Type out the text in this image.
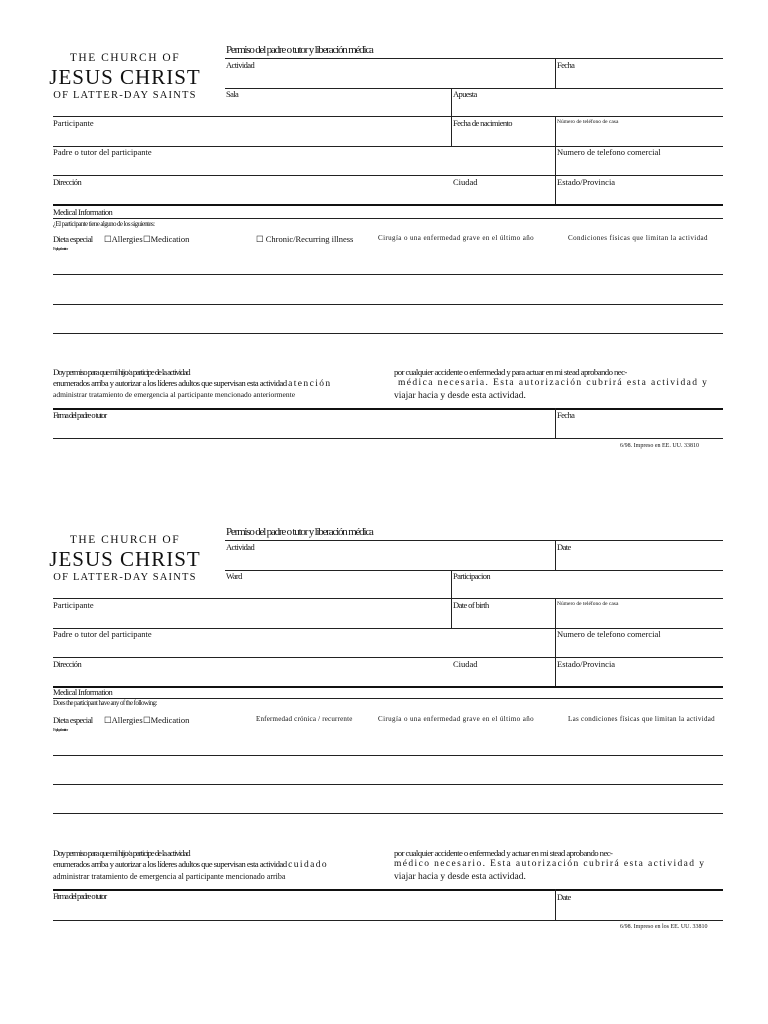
THE CHURCH OF
JESUS CHRIST
OF LATTER-DAY SAINTS
Permiso del padre o tutor y liberación médica
Actividad	Fecha
Sala	Apuesta
Participante	Fecha de nacimiento	Número de teléfono de casa
Padre o tutor del participante	Numero de telefono comercial
Dirección	Ciudad	Estado/Provincia
Medical Information
¿El participante tiene alguno de los siguientes:
Dieta especial ☐Allergies ☐Medication	☐ Chronic/Recurring illness	Cirugía o una enfermedad grave en el último año	Condiciones físicas que limitan la actividad
Explique lo anterior
Doy permiso para que mi hijo/a participe de la actividad
enumerados arriba y autorizar a los líderes adultos que supervisan esta actividad atención
administrar tratamiento de emergencia al participante mencionado anteriormente
por cualquier accidente o enfermedad y para actuar en mi stead aprobando nec-
médica necesaria. Esta autorización cubrirá esta actividad y
viajar hacia y desde esta actividad.
Firma del padre o tutor	Fecha
6/98. Impreso en EE. UU. 33810
THE CHURCH OF
JESUS CHRIST
OF LATTER-DAY SAINTS
Permiso del padre o tutor y liberación médica
Actividad	Date
Ward	Participacion
Participante	Date of birth	Número de teléfono de casa
Padre o tutor del participante	Numero de telefono comercial
Dirección	Ciudad	Estado/Provincia
Medical Information
Does the participant have any of the following:
Dieta especial ☐Allergies ☐Medication	Enfermedad crónica / recurrente	Cirugía o una enfermedad grave en el último año	Las condiciones físicas que limitan la actividad
Explique lo anterior
Doy permiso para que mi hijo/a participe de la actividad
enumerados arriba y autorizar a los líderes adultos que supervisan esta actividad cuidado
administrar tratamiento de emergencia al participante mencionado arriba
por cualquier accidente o enfermedad y actuar en mi stead aprobando nec-
médico necesario. Esta autorización cubrirá esta actividad y
viajar hacia y desde esta actividad.
Firma del padre o tutor	Date
6/98. Impreso en los EE. UU. 33810
